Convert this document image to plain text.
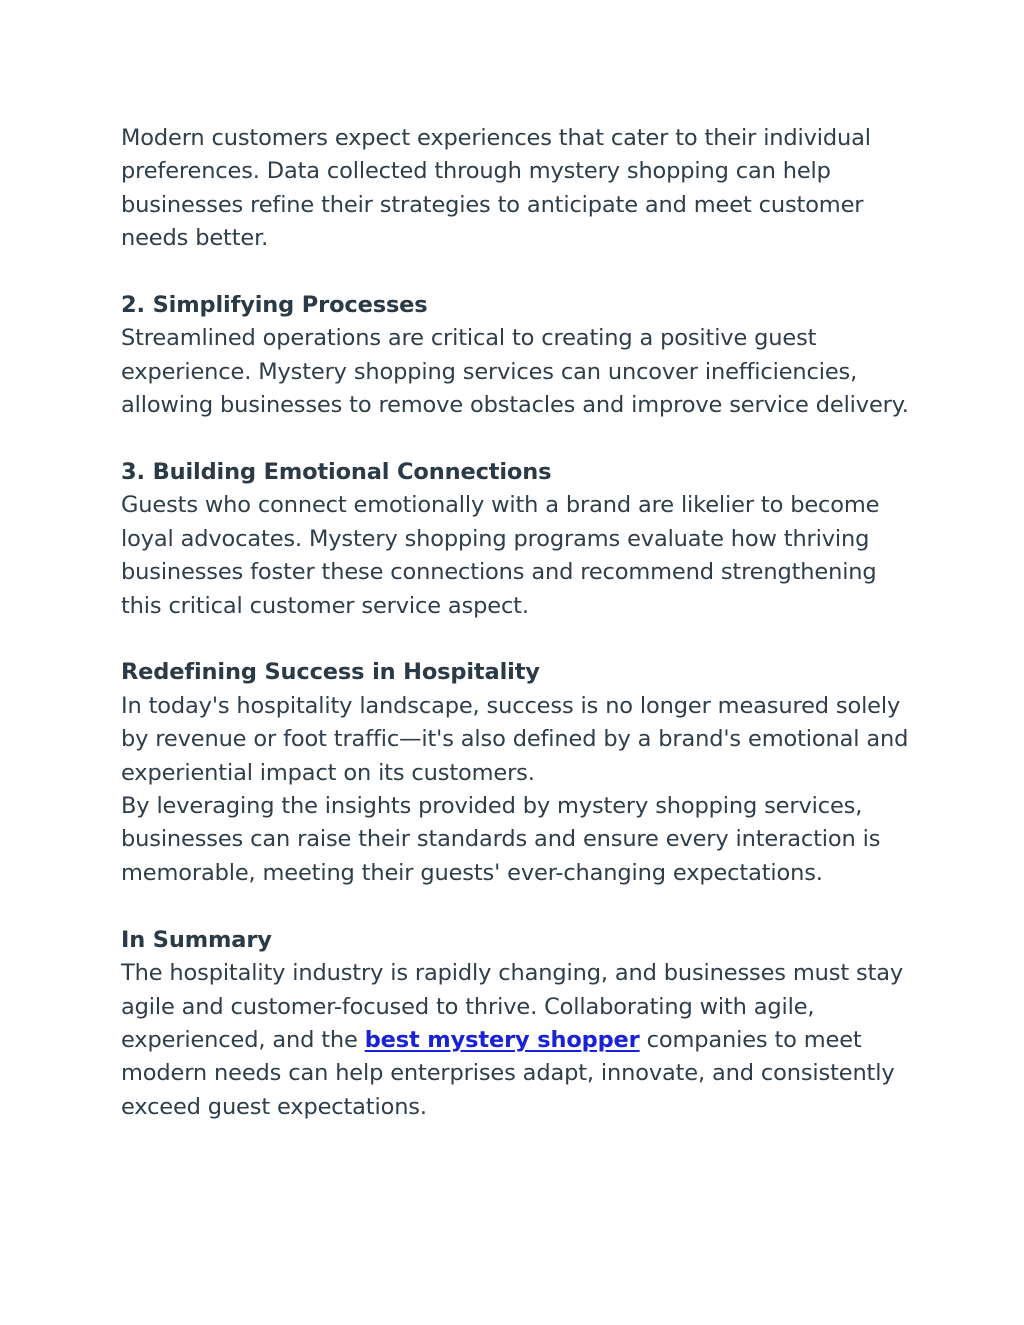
Modern customers expect experiences that cater to their individual

preferences. Data collected through mystery shopping can help

businesses refine their strategies to anticipate and meet customer

needs better.

2. Simplifying Processes

Streamlined operations are critical to creating a positive guest

experience. Mystery shopping services can uncover inefficiencies,

allowing businesses to remove obstacles and improve service delivery.

3. Building Emotional Connections

Guests who connect emotionally with a brand are likelier to become

loyal advocates. Mystery shopping programs evaluate how thriving

businesses foster these connections and recommend strengthening

this critical customer service aspect.

Redefining Success in Hospitality

In today's hospitality landscape, success is no longer measured solely

by revenue or foot traffic—it's also defined by a brand's emotional and

experiential impact on its customers.

By leveraging the insights provided by mystery shopping services,

businesses can raise their standards and ensure every interaction is

memorable, meeting their guests' ever-changing expectations.

In Summary

The hospitality industry is rapidly changing, and businesses must stay

agile and customer-focused to thrive. Collaborating with agile,

experienced, and the best mystery shopper companies to meet

modern needs can help enterprises adapt, innovate, and consistently

exceed guest expectations.
